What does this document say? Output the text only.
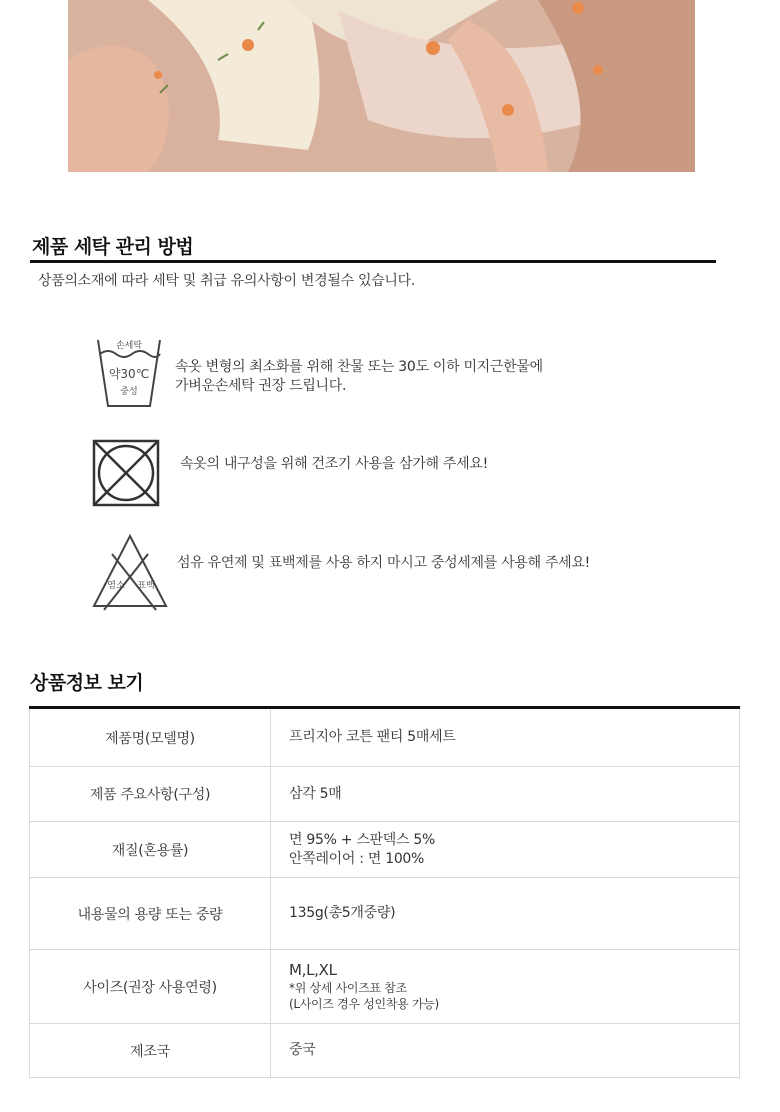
제품 세탁 관리 방법
상품의소재에 따라 세탁 및 취급 유의사항이 변경될수 있습니다.
손세탁
약30℃
중성
속옷 변형의 최소화를 위해 찬물 또는 30도 이하 미지근한물에
가벼운손세탁 권장 드립니다.
속옷의 내구성을 위해 건조기 사용을 삼가해 주세요!
염소 표백
섬유 유연제 및 표백제를 사용 하지 마시고 중성세제를 사용해 주세요!
상품정보 보기
제품명(모델명)	프리지아 코튼 팬티 5매세트

제품 주요사항(구성)	삼각 5매

재질(혼용률)	면 95% + 스판덱스 5%
안쪽레이어 : 면 100%

내용물의 용량 또는 중량	135g(총5개중량)

사이즈(권장 사용연령)	M,L,XL
*위 상세 사이즈표 참조
(L사이즈 경우 성인착용 가능)

제조국	중국
